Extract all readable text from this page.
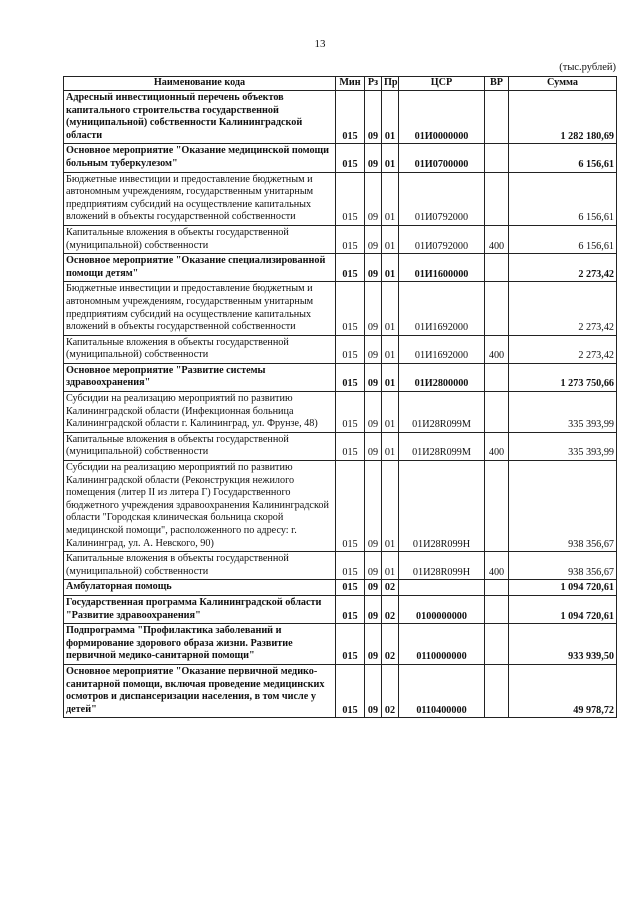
13
(тыс.рублей)
Наименование кода	Мин	Рз	Пр	ЦСР	ВР	Сумма
Адресный инвестиционный перечень объектов капитального строительства государственной (муниципальной) собственности Калининградской области	015	09	01	01И0000000		1 282 180,69
Основное мероприятие "Оказание медицинской помощи больным туберкулезом"	015	09	01	01И0700000		6 156,61
Бюджетные инвестиции и предоставление бюджетным и автономным учреждениям, государственным унитарным предприятиям субсидий на осуществление капитальных вложений в объекты государственной собственности	015	09	01	01И0792000		6 156,61
Капитальные вложения в объекты государственной (муниципальной) собственности	015	09	01	01И0792000	400	6 156,61
Основное мероприятие "Оказание специализированной помощи детям"	015	09	01	01И1600000		2 273,42
Бюджетные инвестиции и предоставление бюджетным и автономным учреждениям, государственным унитарным предприятиям субсидий на осуществление капитальных вложений в объекты государственной собственности	015	09	01	01И1692000		2 273,42
Капитальные вложения в объекты государственной (муниципальной) собственности	015	09	01	01И1692000	400	2 273,42
Основное мероприятие "Развитие системы здравоохранения"	015	09	01	01И2800000		1 273 750,66
Субсидии на реализацию мероприятий по развитию Калининградской области (Инфекционная больница Калининградской области г. Калининград, ул. Фрунзе, 48)	015	09	01	01И28R099М		335 393,99
Капитальные вложения в объекты государственной (муниципальной) собственности	015	09	01	01И28R099М	400	335 393,99
Субсидии на реализацию мероприятий по развитию Калининградской области (Реконструкция нежилого помещения (литер II из литера Г) Государственного бюджетного учреждения здравоохранения Калининградской области "Городская клиническая больница скорой медицинской помощи", расположенного по адресу: г. Калининград, ул. А. Невского, 90)	015	09	01	01И28R099Н		938 356,67
Капитальные вложения в объекты государственной (муниципальной) собственности	015	09	01	01И28R099Н	400	938 356,67
Амбулаторная помощь	015	09	02			1 094 720,61
Государственная программа Калининградской области "Развитие здравоохранения"	015	09	02	0100000000		1 094 720,61
Подпрограмма "Профилактика заболеваний и формирование здорового образа жизни. Развитие первичной медико-санитарной помощи"	015	09	02	0110000000		933 939,50
Основное мероприятие "Оказание первичной медико-санитарной помощи, включая проведение медицинских осмотров и диспансеризации населения, в том числе у детей"	015	09	02	0110400000		49 978,72
